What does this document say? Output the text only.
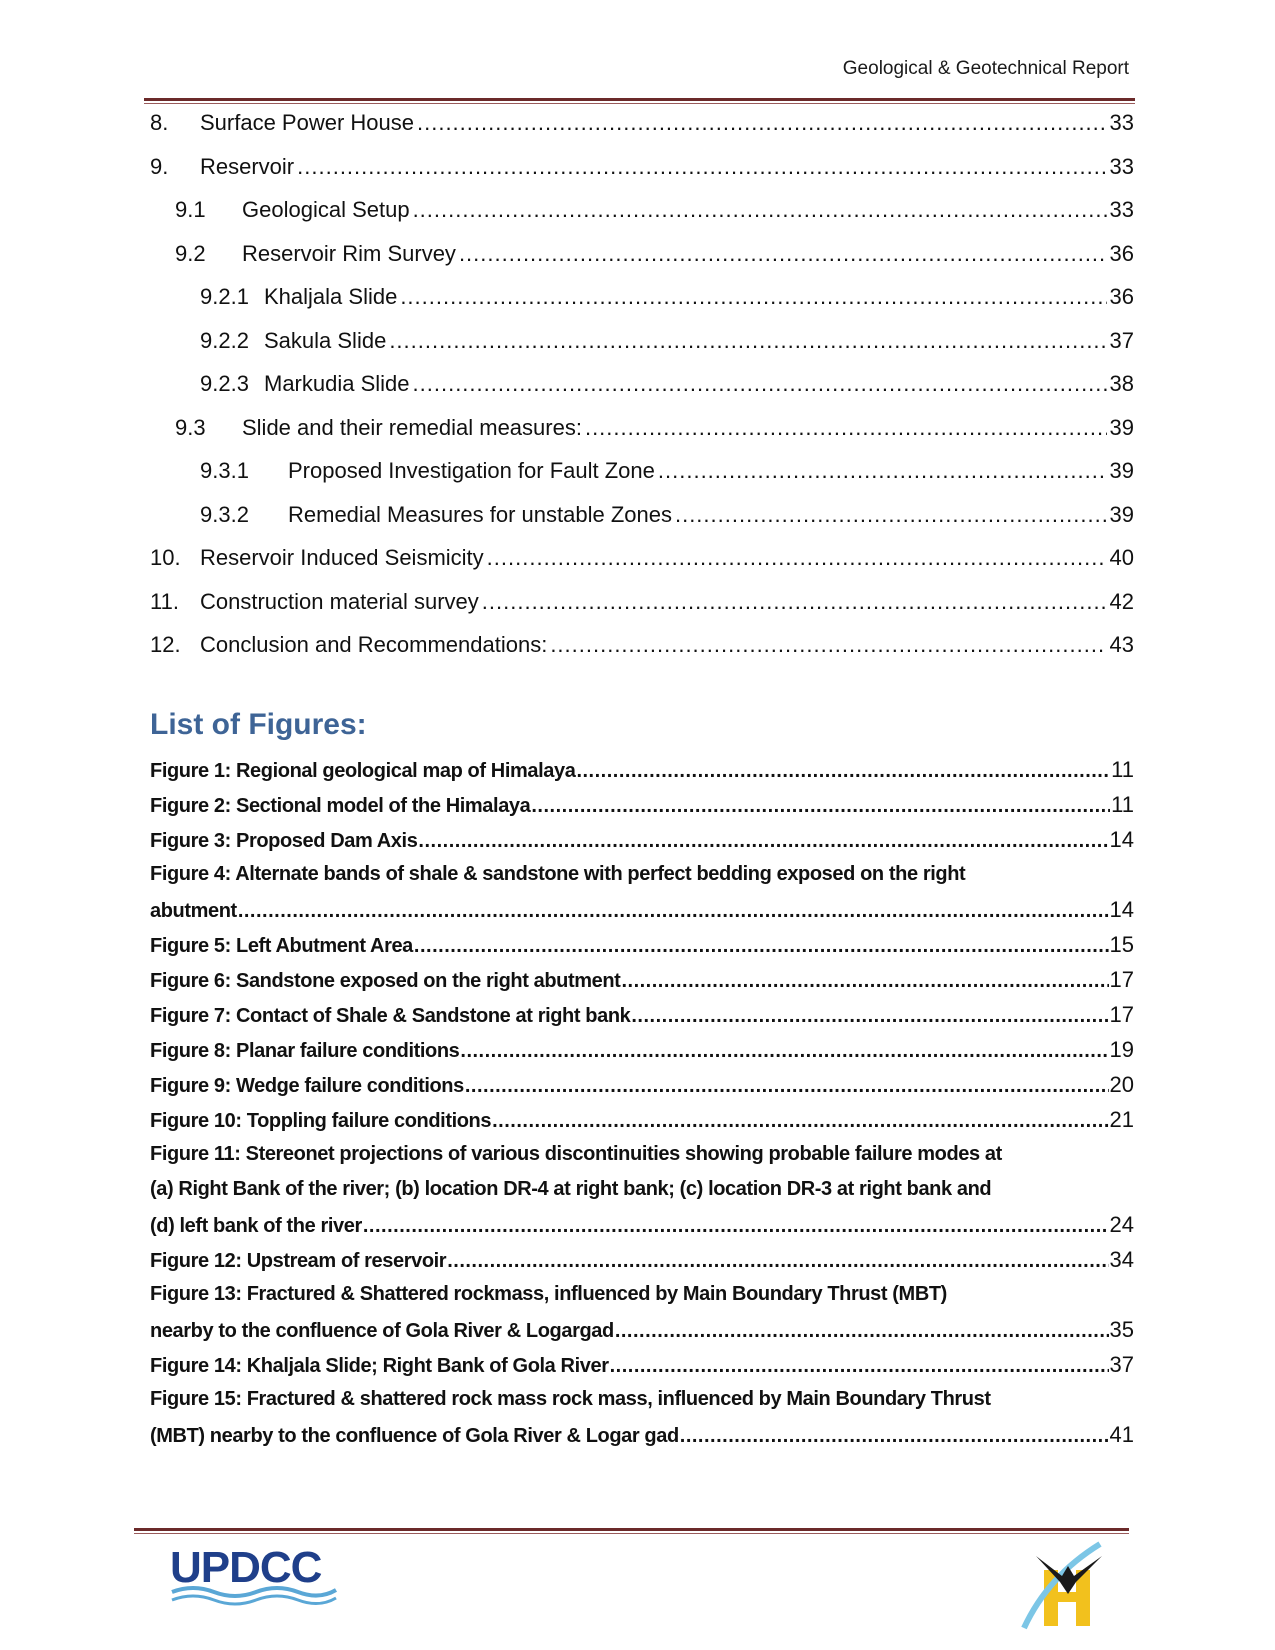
Geological & Geotechnical Report
8.	Surface Power House .....	33
9.	Reservoir .....	33
9.1	Geological Setup .....	33
9.2	Reservoir Rim Survey .....	36
9.2.1 Khaljala Slide .....	36
9.2.2 Sakula Slide .....	37
9.2.3 Markudia Slide .....	38
9.3	Slide and their remedial measures: .....	39
9.3.1	Proposed Investigation for Fault Zone .....	39
9.3.2	Remedial Measures for unstable Zones .....	39
10. Reservoir Induced Seismicity .....	40
11. Construction material survey .....	42
12. Conclusion and Recommendations: .....	43
List of Figures:
Figure 1: Regional geological map of Himalaya .....	11
Figure 2: Sectional model of the Himalaya .....	11
Figure 3: Proposed Dam Axis .....	14
Figure 4: Alternate bands of shale & sandstone with perfect bedding exposed on the right
abutment .....	14
Figure 5: Left Abutment Area .....	15
Figure 6: Sandstone exposed on the right abutment .....	17
Figure 7: Contact of Shale & Sandstone at right bank .....	17
Figure 8: Planar failure conditions .....	19
Figure 9: Wedge failure conditions .....	20
Figure 10: Toppling failure conditions .....	21
Figure 11: Stereonet projections of various discontinuities showing probable failure modes at
(a) Right Bank of the river; (b) location DR-4 at right bank; (c) location DR-3 at right bank and
(d) left bank of the river .....	24
Figure 12: Upstream of reservoir .....	34
Figure 13: Fractured & Shattered rockmass, influenced by Main Boundary Thrust (MBT)
nearby to the confluence of Gola River & Logargad .....	35
Figure 14: Khaljala Slide; Right Bank of Gola River .....	37
Figure 15: Fractured & shattered rock mass rock mass, influenced by Main Boundary Thrust
(MBT) nearby to the confluence of Gola River & Logar gad .....	41
UPDCC
